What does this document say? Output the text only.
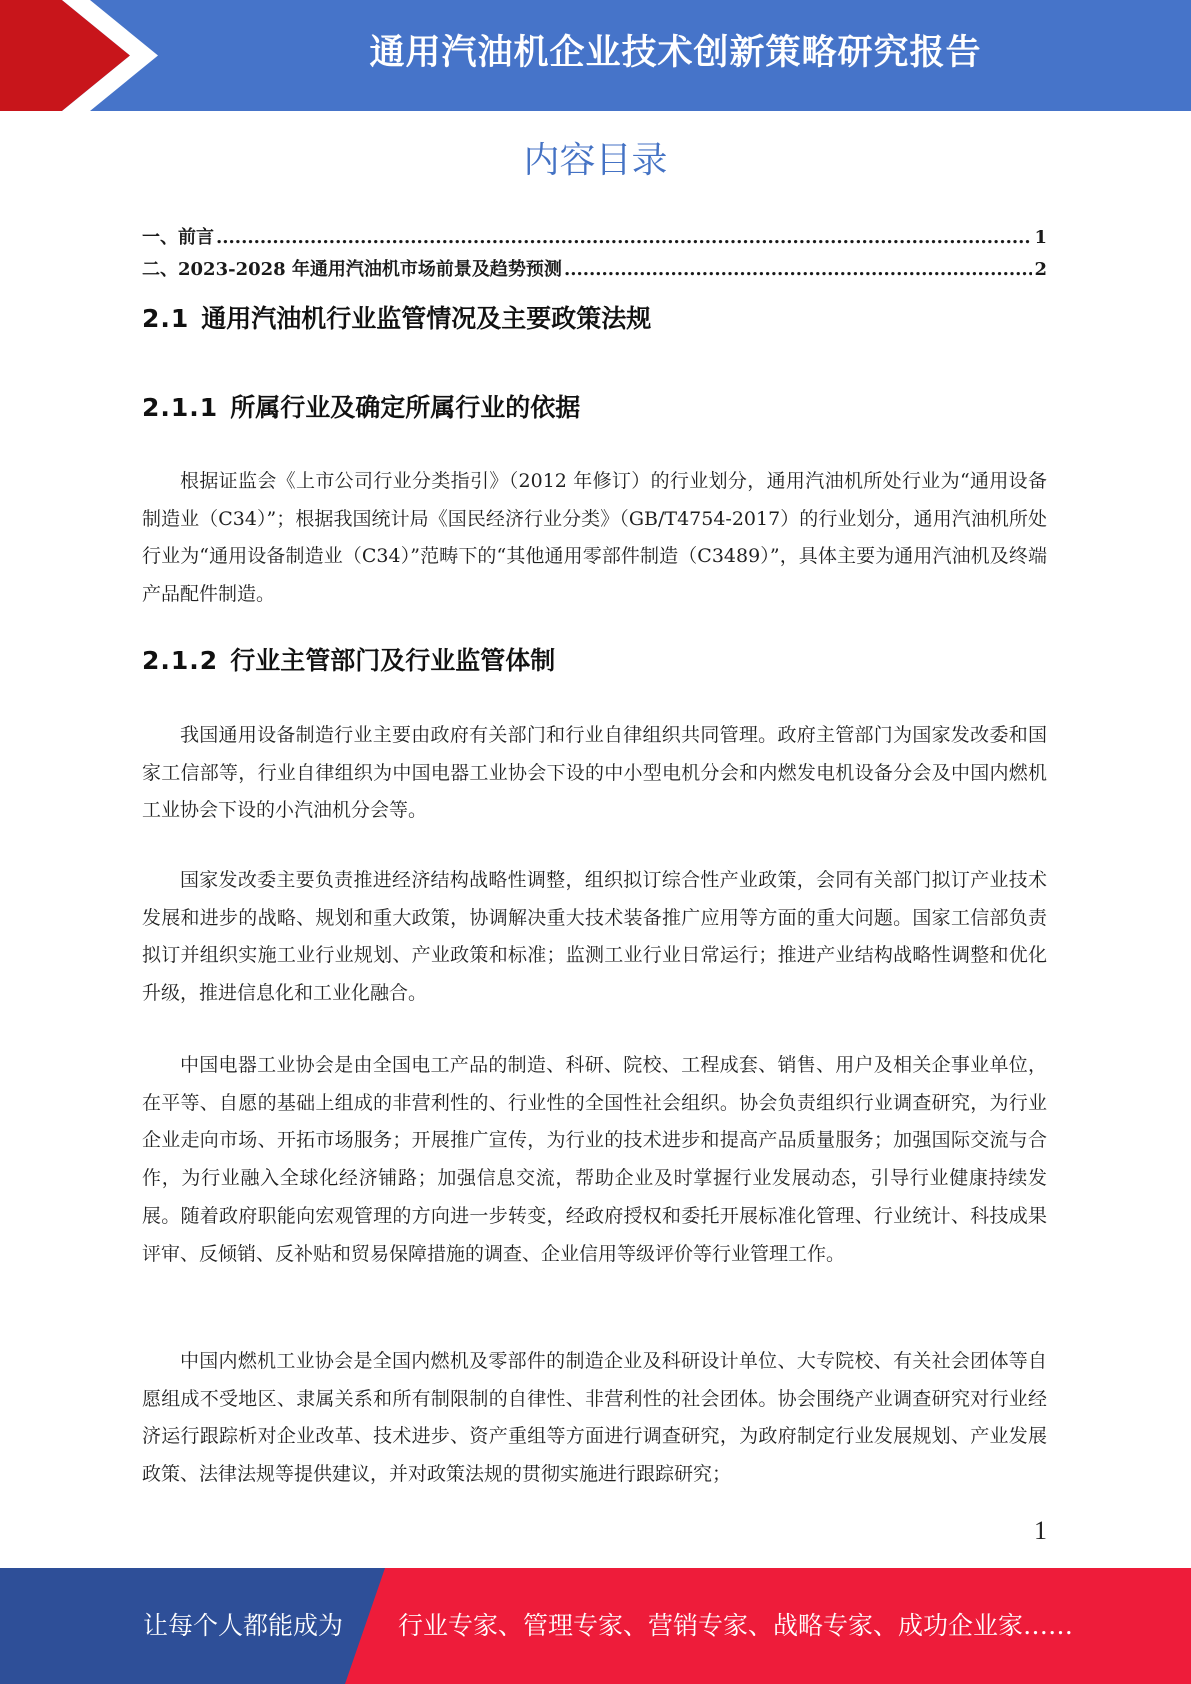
通用汽油机企业技术创新策略研究报告
内容目录
一、前言 .....	1
二、2023-2028 年通用汽油机市场前景及趋势预测 .....	2
2.1 通用汽油机行业监管情况及主要政策法规
2.1.1 所属行业及确定所属行业的依据

根据证监会《上市公司行业分类指引》（2012 年修订）的行业划分，通用汽油机所处行业为“通用设备制造业（C34）”；根据我国统计局《国民经济行业分类》（GB/T4754-2017）的行业划分，通用汽油机所处行业为“通用设备制造业（C34）”范畴下的“其他通用零部件制造（C3489）”，具体主要为通用汽油机及终端产品配件制造。

2.1.2 行业主管部门及行业监管体制

我国通用设备制造行业主要由政府有关部门和行业自律组织共同管理。政府主管部门为国家发改委和国家工信部等，行业自律组织为中国电器工业协会下设的中小型电机分会和内燃发电机设备分会及中国内燃机工业协会下设的小汽油机分会等。

国家发改委主要负责推进经济结构战略性调整，组织拟订综合性产业政策，会同有关部门拟订产业技术发展和进步的战略、规划和重大政策，协调解决重大技术装备推广应用等方面的重大问题。国家工信部负责拟订并组织实施工业行业规划、产业政策和标准；监测工业行业日常运行；推进产业结构战略性调整和优化升级，推进信息化和工业化融合。

中国电器工业协会是由全国电工产品的制造、科研、院校、工程成套、销售、用户及相关企事业单位，在平等、自愿的基础上组成的非营利性的、行业性的全国性社会组织。协会负责组织行业调查研究，为行业企业走向市场、开拓市场服务；开展推广宣传，为行业的技术进步和提高产品质量服务；加强国际交流与合作，为行业融入全球化经济铺路；加强信息交流，帮助企业及时掌握行业发展动态，引导行业健康持续发展。随着政府职能向宏观管理的方向进一步转变，经政府授权和委托开展标准化管理、行业统计、科技成果评审、反倾销、反补贴和贸易保障措施的调查、企业信用等级评价等行业管理工作。

中国内燃机工业协会是全国内燃机及零部件的制造企业及科研设计单位、大专院校、有关社会团体等自愿组成不受地区、隶属关系和所有制限制的自律性、非营利性的社会团体。协会围绕产业调查研究对行业经济运行跟踪析对企业改革、技术进步、资产重组等方面进行调查研究，为政府制定行业发展规划、产业发展政策、法律法规等提供建议，并对政策法规的贯彻实施进行跟踪研究；

1
让每个人都能成为 行业专家、管理专家、营销专家、战略专家、成功企业家……
